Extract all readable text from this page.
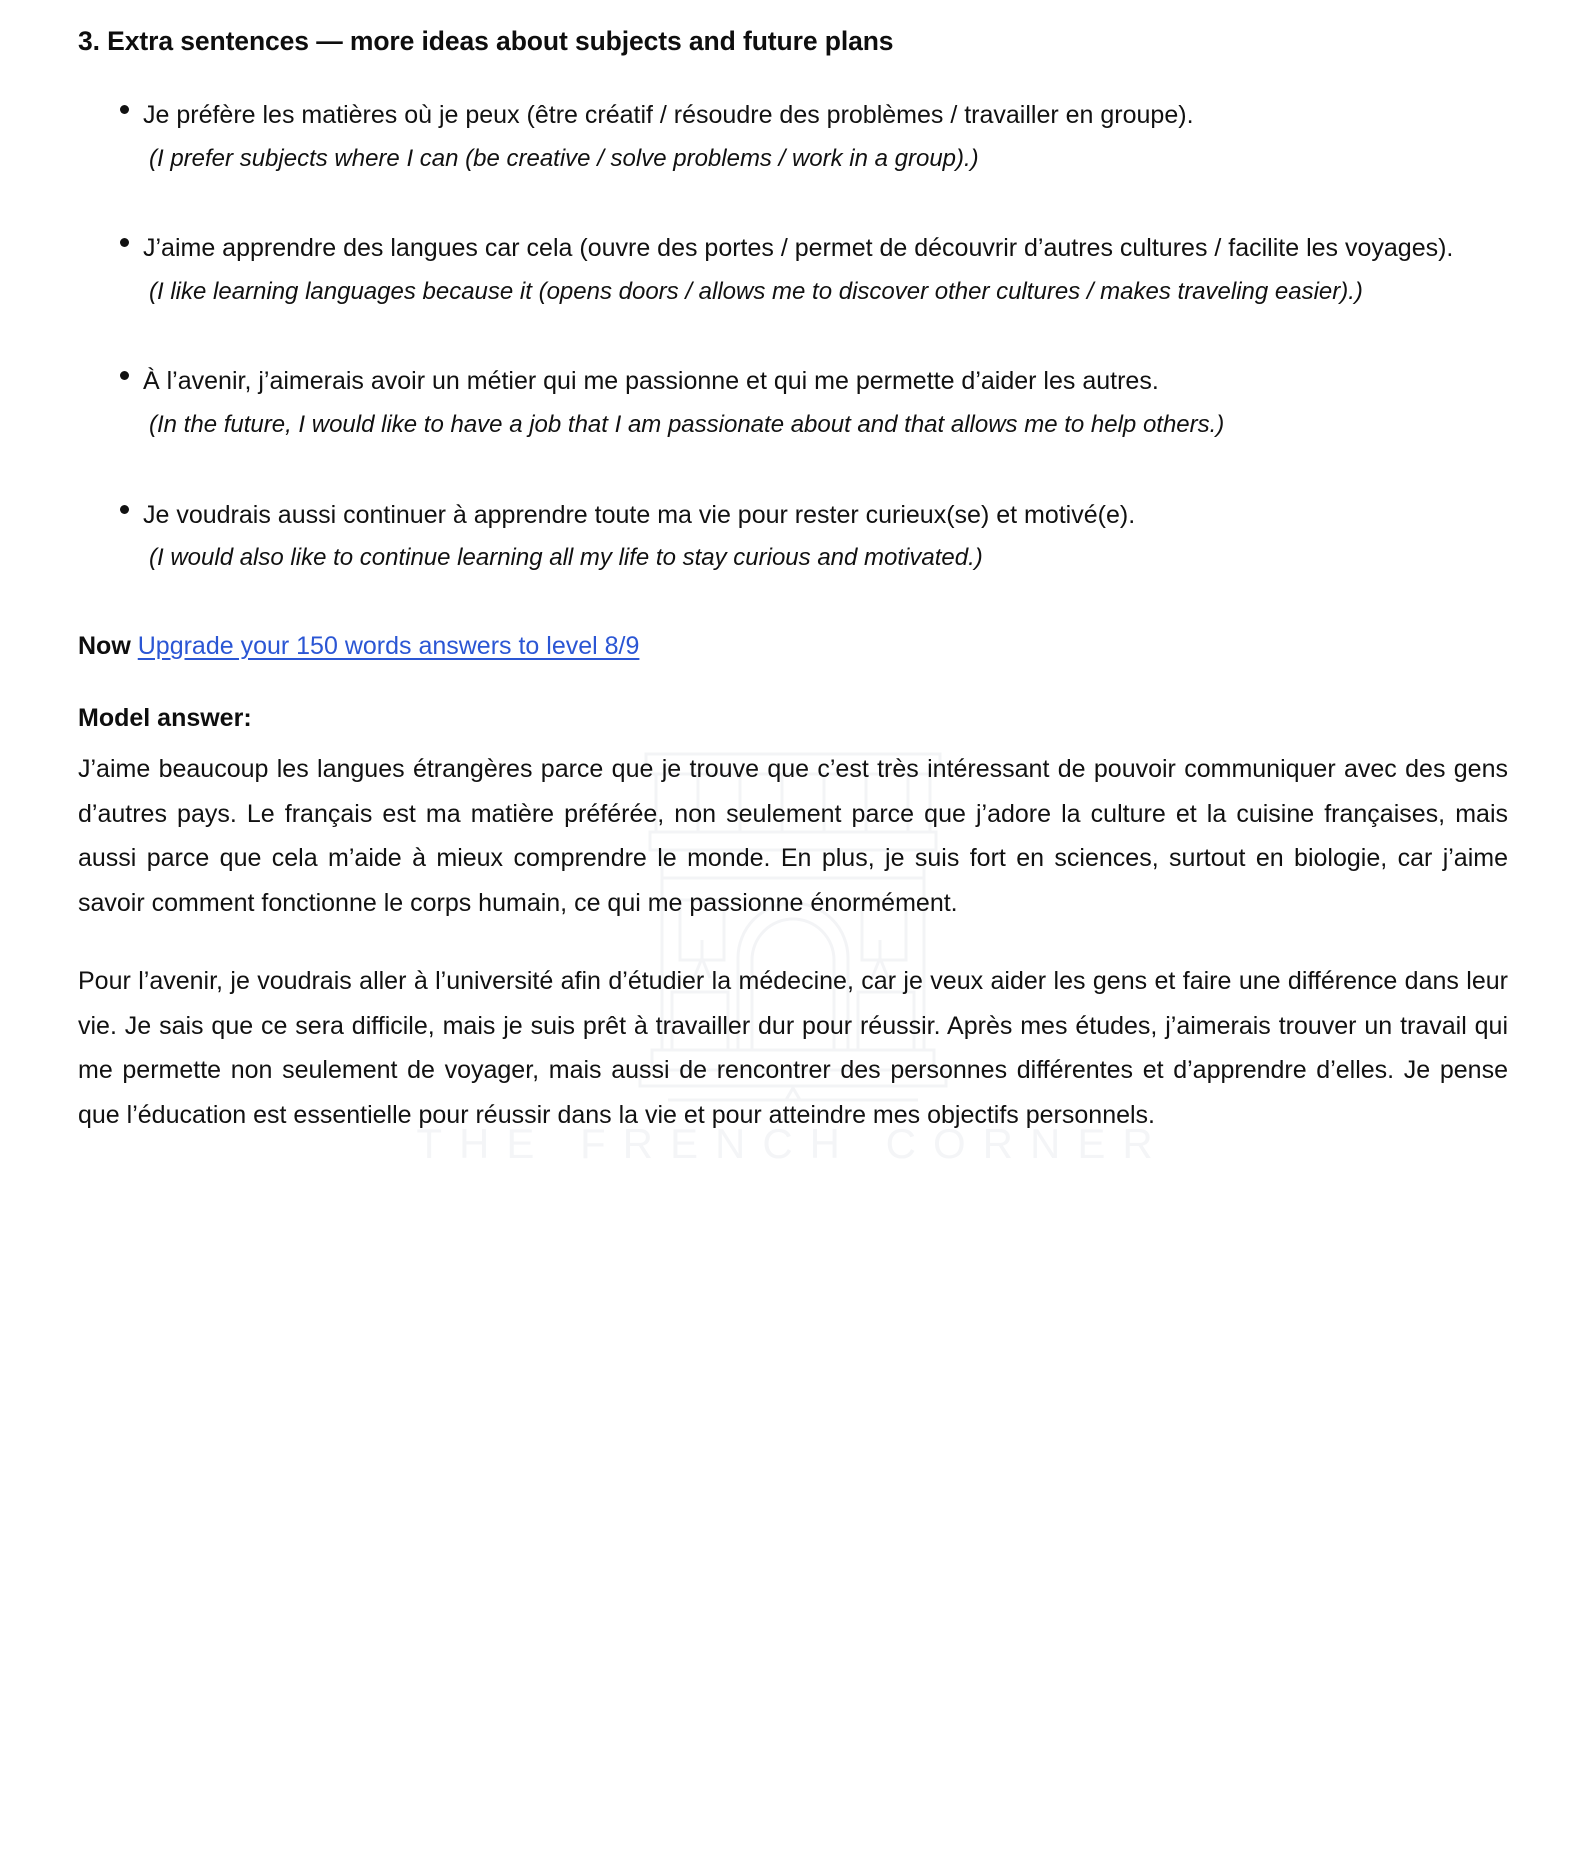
THE FRENCH CORNER
3. Extra sentences — more ideas about subjects and future plans

Je préfère les matières où je peux (être créatif / résoudre des problèmes / travailler en groupe).

(I prefer subjects where I can (be creative / solve problems / work in a group).)

J’aime apprendre des langues car cela (ouvre des portes / permet de découvrir d’autres cultures / facilite les voyages).

(I like learning languages because it (opens doors / allows me to discover other cultures / makes traveling easier).)

À l’avenir, j’aimerais avoir un métier qui me passionne et qui me permette d’aider les autres.

(In the future, I would like to have a job that I am passionate about and that allows me to help others.)

Je voudrais aussi continuer à apprendre toute ma vie pour rester curieux(se) et motivé(e).

(I would also like to continue learning all my life to stay curious and motivated.)

Now Upgrade your 150 words answers to level 8/9

Model answer:

J’aime beaucoup les langues étrangères parce que je trouve que c’est très intéressant de pouvoir communiquer avec des gens d’autres pays. Le français est ma matière préférée, non seulement parce que j’adore la culture et la cuisine françaises, mais aussi parce que cela m’aide à mieux comprendre le monde. En plus, je suis fort en sciences, surtout en biologie, car j’aime savoir comment fonctionne le corps humain, ce qui me passionne énormément.

Pour l’avenir, je voudrais aller à l’université afin d’étudier la médecine, car je veux aider les gens et faire une différence dans leur vie. Je sais que ce sera difficile, mais je suis prêt à travailler dur pour réussir. Après mes études, j’aimerais trouver un travail qui me permette non seulement de voyager, mais aussi de rencontrer des personnes différentes et d’apprendre d’elles. Je pense que l’éducation est essentielle pour réussir dans la vie et pour atteindre mes objectifs personnels.
